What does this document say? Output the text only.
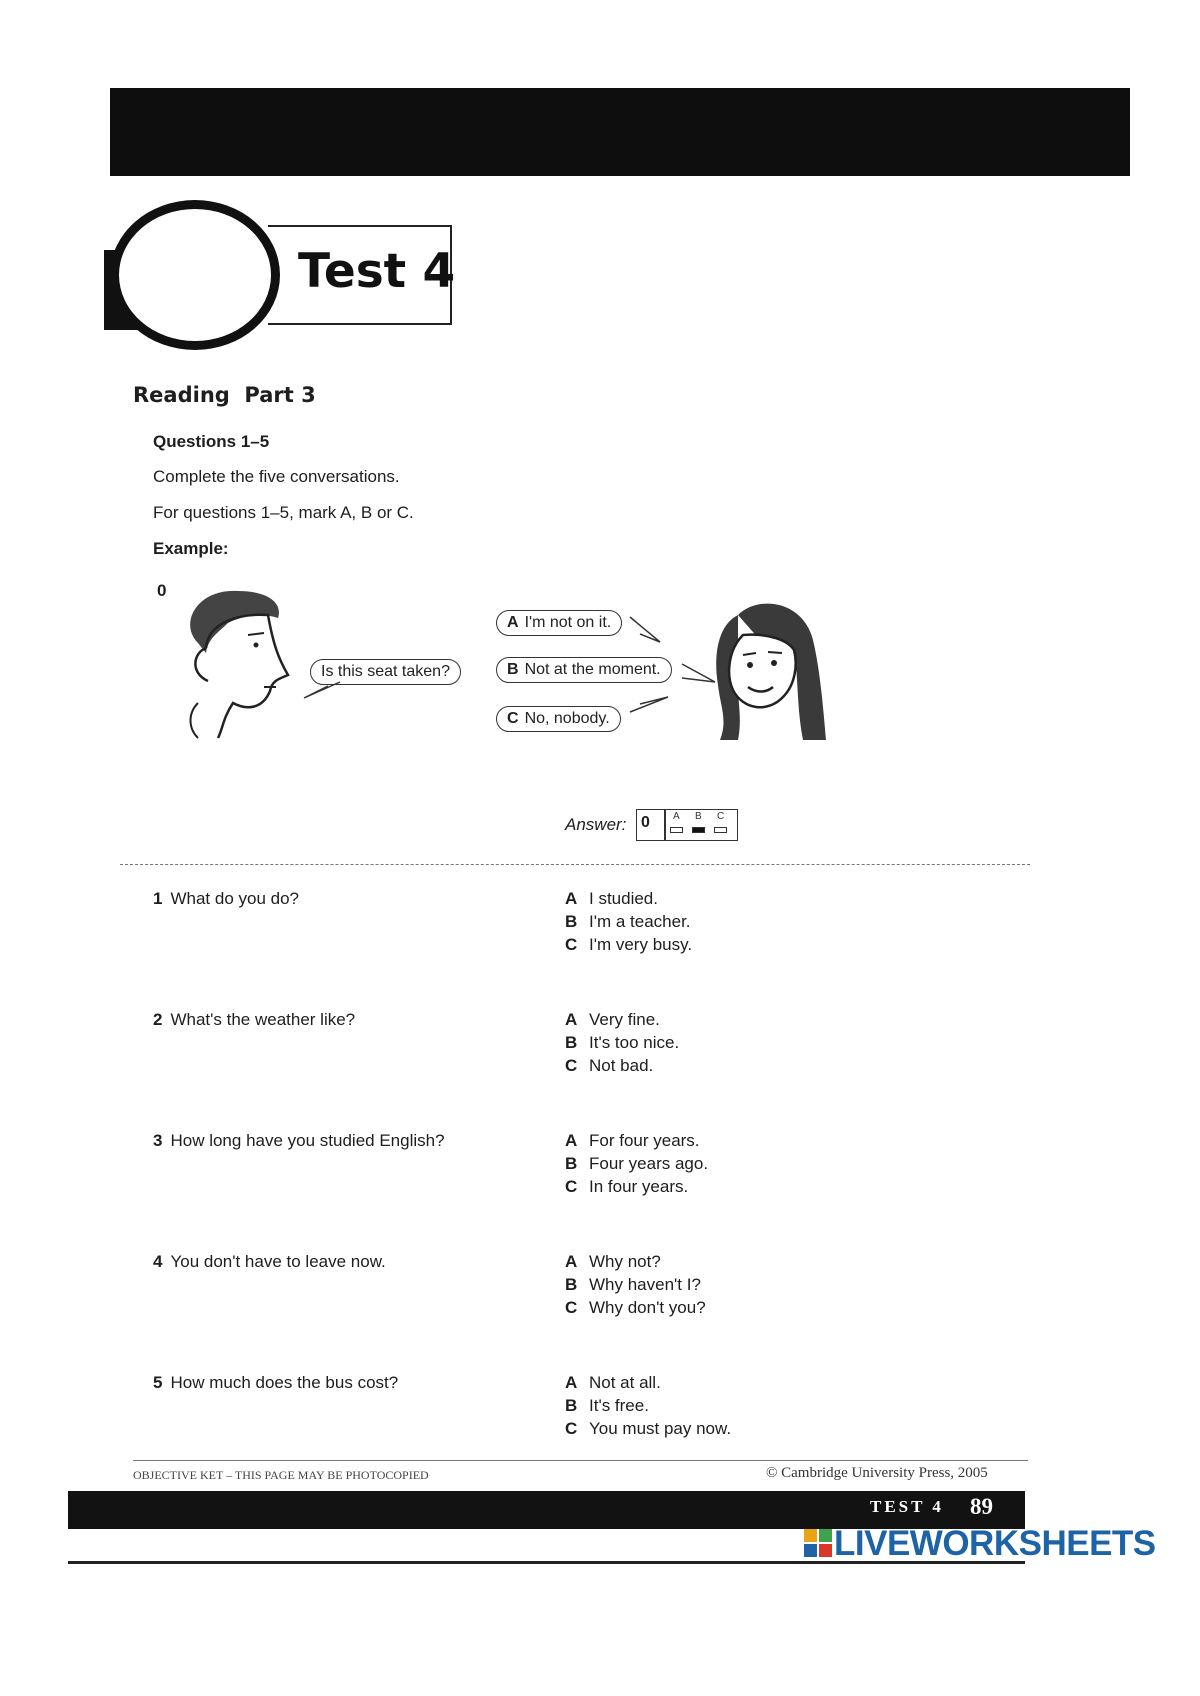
Test 4
Reading  Part 3
Questions 1–5
Complete the five conversations.
For questions 1–5, mark A, B or C.
Example:
0
Is this seat taken?
A I'm not on it.
B Not at the moment.
C No, nobody.
Answer: 0 A B C
1 What do you do?	A I studied.
B I'm a teacher.
C I'm very busy.
2 What's the weather like?	A Very fine.
B It's too nice.
C Not bad.
3 How long have you studied English?	A For four years.
B Four years ago.
C In four years.
4 You don't have to leave now.	A Why not?
B Why haven't I?
C Why don't you?
5 How much does the bus cost?	A Not at all.
B It's free.
C You must pay now.
OBJECTIVE KET – THIS PAGE MAY BE PHOTOCOPIED	© Cambridge University Press, 2005
TEST 4 89
LIVEWORKSHEETS
